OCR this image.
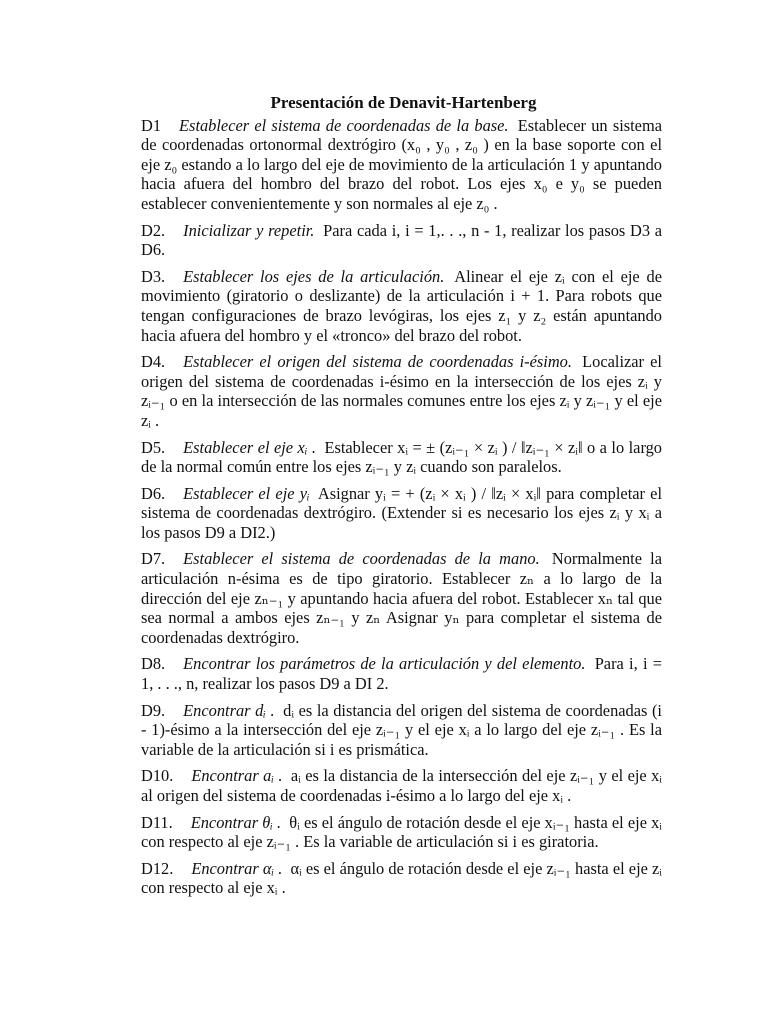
Presentación de Denavit-Hartenberg

D1 Establecer el sistema de coordenadas de la base. Establecer un sistema de coordenadas ortonormal dextrógiro (x₀ , y₀ , z₀ ) en la base soporte con el eje z₀ estando a lo largo del eje de movimiento de la articulación 1 y apuntando hacia afuera del hombro del brazo del robot. Los ejes x₀ e y₀ se pueden establecer convenientemente y son normales al eje z₀ .

D2. Inicializar y repetir. Para cada i, i = 1,. . ., n - 1, realizar los pasos D3 a D6.

D3. Establecer los ejes de la articulación. Alinear el eje zᵢ con el eje de movimiento (giratorio o deslizante) de la articulación i + 1. Para robots que tengan configuraciones de brazo levógiras, los ejes z₁ y z₂ están apuntando hacia afuera del hombro y el «tronco» del brazo del robot.

D4. Establecer el origen del sistema de coordenadas i-ésimo. Localizar el origen del sistema de coordenadas i-ésimo en la intersección de los ejes zᵢ y zᵢ₋₁ o en la intersección de las normales comunes entre los ejes zᵢ y zᵢ₋₁ y el eje zᵢ .

D5. Establecer el eje xᵢ . Establecer xᵢ = ± (zᵢ₋₁ × zᵢ ) / ‖zᵢ₋₁ × zᵢ‖ o a lo largo de la normal común entre los ejes zᵢ₋₁ y zᵢ cuando son paralelos.

D6. Establecer el eje yᵢ Asignar yᵢ = + (zᵢ × xᵢ ) / ‖zᵢ × xᵢ‖ para completar el sistema de coordenadas dextrógiro. (Extender si es necesario los ejes zᵢ y xᵢ a los pasos D9 a DI2.)

D7. Establecer el sistema de coordenadas de la mano. Normalmente la articulación n-ésima es de tipo giratorio. Establecer zₙ a lo largo de la dirección del eje zₙ₋₁ y apuntando hacia afuera del robot. Establecer xₙ tal que sea normal a ambos ejes zₙ₋₁ y zₙ Asignar yₙ para completar el sistema de coordenadas dextrógiro.

D8. Encontrar los parámetros de la articulación y del elemento. Para i, i = 1, . . ., n, realizar los pasos D9 a DI 2.

D9. Encontrar dᵢ . dᵢ es la distancia del origen del sistema de coordenadas (i - 1)-ésimo a la intersección del eje zᵢ₋₁ y el eje xᵢ a lo largo del eje zᵢ₋₁ . Es la variable de la articulación si i es prismática.

D10. Encontrar aᵢ . aᵢ es la distancia de la intersección del eje zᵢ₋₁ y el eje xᵢ al origen del sistema de coordenadas i-ésimo a lo largo del eje xᵢ .

D11. Encontrar θᵢ . θᵢ es el ángulo de rotación desde el eje xᵢ₋₁ hasta el eje xᵢ con respecto al eje zᵢ₋₁ . Es la variable de articulación si i es giratoria.

D12. Encontrar αᵢ . αᵢ es el ángulo de rotación desde el eje zᵢ₋₁ hasta el eje zᵢ con respecto al eje xᵢ .
